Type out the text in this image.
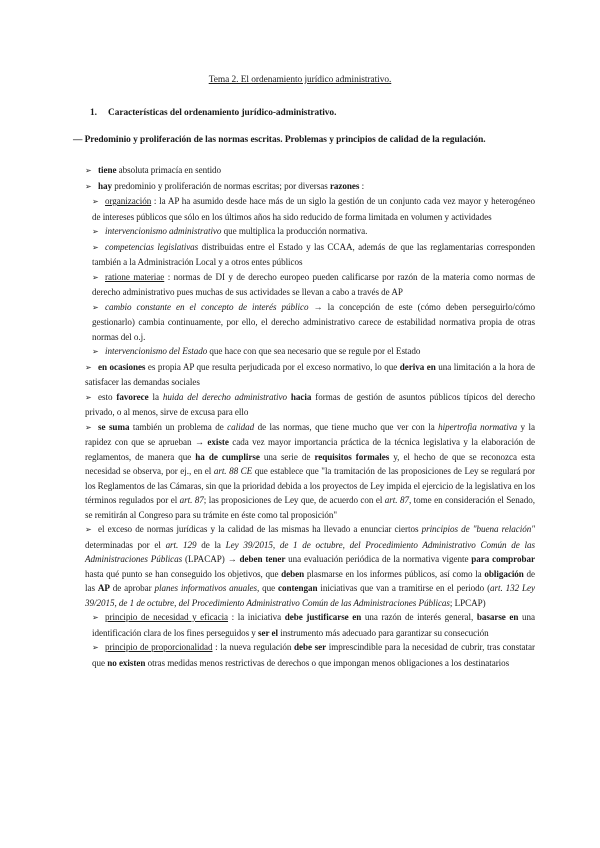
Tema 2. El ordenamiento jurídico administrativo.
1. Características del ordenamiento jurídico-administrativo.
— Predominio y proliferación de las normas escritas. Problemas y principios de calidad de la regulación.

➢ tiene absoluta primacía en sentido

➢ hay predominio y proliferación de normas escritas; por diversas razones :

➢ organización : la AP ha asumido desde hace más de un siglo la gestión de un conjunto cada vez mayor y heterogéneo de intereses públicos que sólo en los últimos años ha sido reducido de forma limitada en volumen y actividades

➢ intervencionismo administrativo que multiplica la producción normativa.

➢ competencias legislativas distribuidas entre el Estado y las CCAA, además de que las reglamentarias corresponden también a la Administración Local y a otros entes públicos

➢ ratione materiae : normas de DI y de derecho europeo pueden calificarse por razón de la materia como normas de derecho administrativo pues muchas de sus actividades se llevan a cabo a través de AP

➢ cambio constante en el concepto de interés público → la concepción de este (cómo deben perseguirlo/cómo gestionarlo) cambia continuamente, por ello, el derecho administrativo carece de estabilidad normativa propia de otras normas del o.j.

➢ intervencionismo del Estado que hace con que sea necesario que se regule por el Estado

➢ en ocasiones es propia AP que resulta perjudicada por el exceso normativo, lo que deriva en una limitación a la hora de satisfacer las demandas sociales

➢ esto favorece la huida del derecho administrativo hacia formas de gestión de asuntos públicos típicos del derecho privado, o al menos, sirve de excusa para ello

➢ se suma también un problema de calidad de las normas, que tiene mucho que ver con la hipertrofia normativa y la rapidez con que se aprueban → existe cada vez mayor importancia práctica de la técnica legislativa y la elaboración de reglamentos, de manera que ha de cumplirse una serie de requisitos formales y, el hecho de que se reconozca esta necesidad se observa, por ej., en el art. 88 CE que establece que "la tramitación de las proposiciones de Ley se regulará por los Reglamentos de las Cámaras, sin que la prioridad debida a los proyectos de Ley impida el ejercicio de la legislativa en los términos regulados por el art. 87; las proposiciones de Ley que, de acuerdo con el art. 87, tome en consideración el Senado, se remitirán al Congreso para su trámite en éste como tal proposición"

➢ el exceso de normas jurídicas y la calidad de las mismas ha llevado a enunciar ciertos principios de "buena relación" determinadas por el art. 129 de la Ley 39/2015, de 1 de octubre, del Procedimiento Administrativo Común de las Administraciones Públicas (LPACAP) → deben tener una evaluación periódica de la normativa vigente para comprobar hasta qué punto se han conseguido los objetivos, que deben plasmarse en los informes públicos, así como la obligación de las AP de aprobar planes informativos anuales, que contengan iniciativas que van a tramitirse en el periodo (art. 132 Ley 39/2015, de 1 de octubre, del Procedimiento Administrativo Común de las Administraciones Públicas; LPCAP)

➢ principio de necesidad y eficacia : la iniciativa debe justificarse en una razón de interés general, basarse en una identificación clara de los fines perseguidos y ser el instrumento más adecuado para garantizar su consecución

➢ principio de proporcionalidad : la nueva regulación debe ser imprescindible para la necesidad de cubrir, tras constatar que no existen otras medidas menos restrictivas de derechos o que impongan menos obligaciones a los destinatarios
